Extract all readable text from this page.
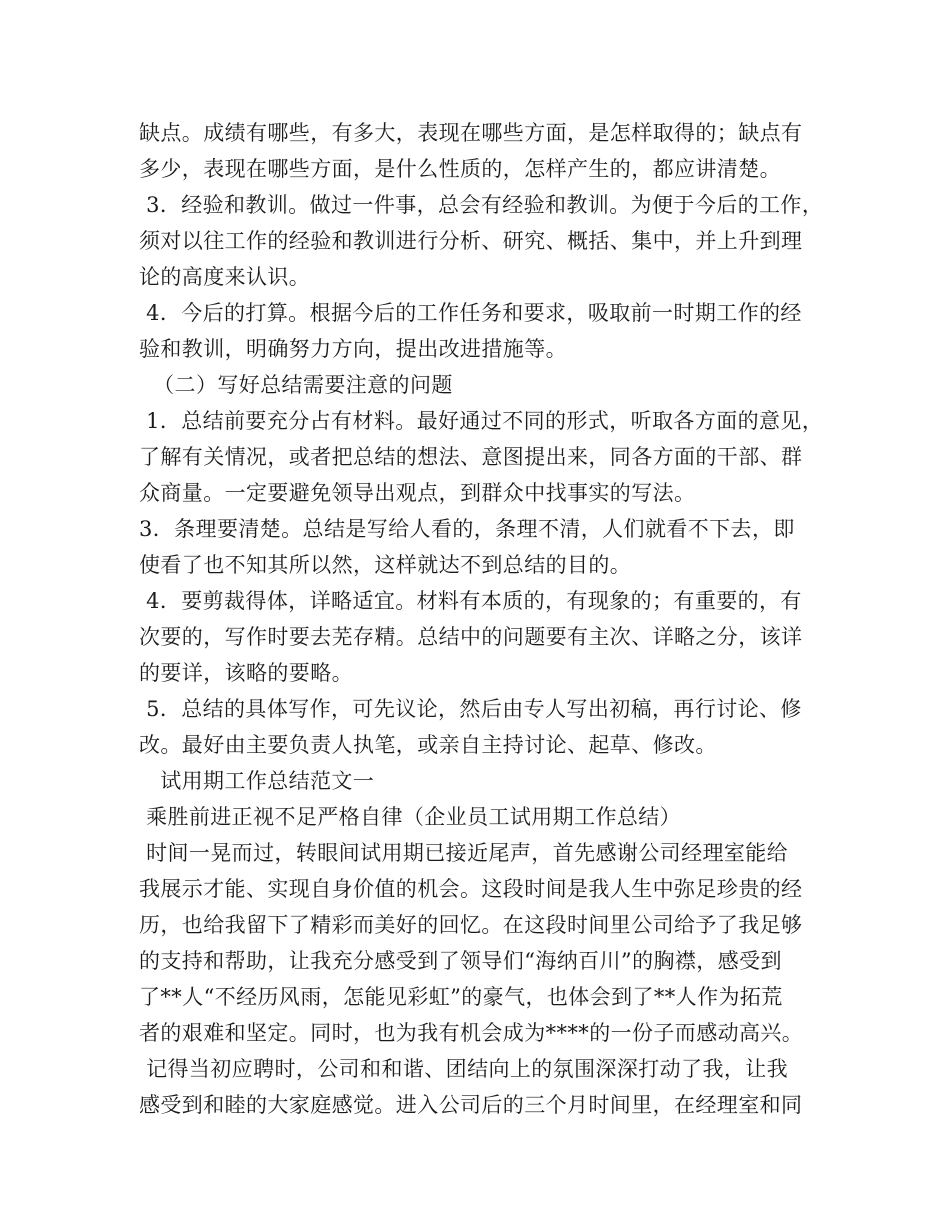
缺点。成绩有哪些，有多大，表现在哪些方面，是怎样取得的；缺点有
多少，表现在哪些方面，是什么性质的，怎样产生的，都应讲清楚。
3．经验和教训。做过一件事，总会有经验和教训。为便于今后的工作，
须对以往工作的经验和教训进行分析、研究、概括、集中，并上升到理
论的高度来认识。
4．今后的打算。根据今后的工作任务和要求，吸取前一时期工作的经
验和教训，明确努力方向，提出改进措施等。
（二）写好总结需要注意的问题
1．总结前要充分占有材料。最好通过不同的形式，听取各方面的意见，
了解有关情况，或者把总结的想法、意图提出来，同各方面的干部、群
众商量。一定要避免领导出观点，到群众中找事实的写法。
3．条理要清楚。总结是写给人看的，条理不清，人们就看不下去，即
使看了也不知其所以然，这样就达不到总结的目的。
4．要剪裁得体，详略适宜。材料有本质的，有现象的；有重要的，有
次要的，写作时要去芜存精。总结中的问题要有主次、详略之分，该详
的要详，该略的要略。
5．总结的具体写作，可先议论，然后由专人写出初稿，再行讨论、修
改。最好由主要负责人执笔，或亲自主持讨论、起草、修改。
试用期工作总结范文一
乘胜前进正视不足严格自律（企业员工试用期工作总结）
时间一晃而过，转眼间试用期已接近尾声，首先感谢公司经理室能给
我展示才能、实现自身价值的机会。这段时间是我人生中弥足珍贵的经
历，也给我留下了精彩而美好的回忆。在这段时间里公司给予了我足够
的支持和帮助，让我充分感受到了领导们“海纳百川”的胸襟，感受到
了**人“不经历风雨，怎能见彩虹”的豪气，也体会到了**人作为拓荒
者的艰难和坚定。同时，也为我有机会成为****的一份子而感动高兴。
记得当初应聘时，公司和和谐、团结向上的氛围深深打动了我，让我
感受到和睦的大家庭感觉。进入公司后的三个月时间里，在经理室和同
